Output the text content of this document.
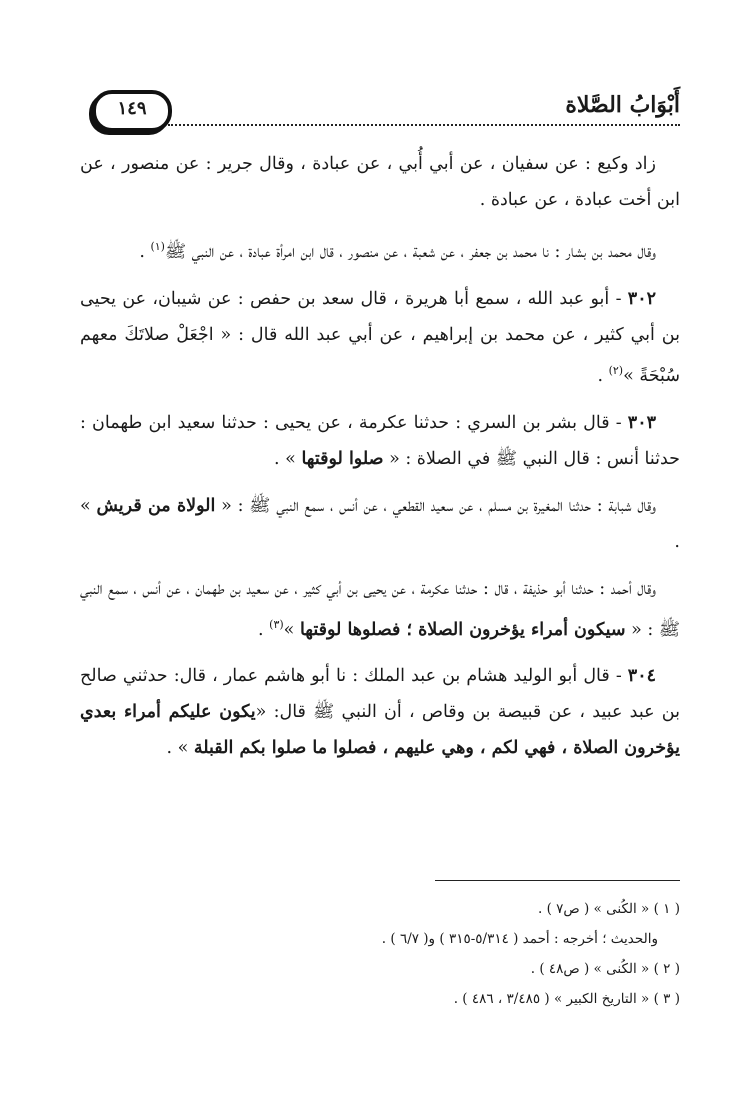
أَبْوَابُ الصَّلاة
١٤٩

زاد وكيع : عن سفيان ، عن أبي أُبي ، عن عبادة ، وقال جرير : عن منصور ، عن ابن أخت عبادة ، عن عبادة .

وقال محمد بن بشار : نا محمد بن جعفر ، عن شعبة ، عن منصور ، قال ابن امرأة عبادة ، عن النبي ﷺ$^{(١)}$ .

٣٠٢ - أبو عبد الله ، سمع أبا هريرة ، قال سعد بن حفص : عن شيبان، عن يحيى بن أبي كثير ، عن محمد بن إبراهيم ، عن أبي عبد الله قال : « اجْعَلْ صلاتَكَ معهم سُبْحَةً »$^{(٢)}$ .

٣٠٣ - قال بشر بن السري : حدثنا عكرمة ، عن يحيى : حدثنا سعيد ابن طهمان : حدثنا أنس : قال النبي ﷺ في الصلاة : « صلوا لوقتها » .

وقال شبابة : حدثنا المغيرة بن مسلم ، عن سعيد القطعي ، عن أنس ، سمع النبي ﷺ : « الولاة من قريش » .

وقال أحمد : حدثنا أبو حذيفة ، قال : حدثنا عكرمة ، عن يحيى بن أبي كثير ، عن سعيد بن طهمان ، عن أنس ، سمع النبي ﷺ : « سيكون أمراء يؤخرون الصلاة ؛ فصلوها لوقتها »$^{(٣)}$ .

٣٠٤ - قال أبو الوليد هشام بن عبد الملك : نا أبو هاشم عمار ، قال: حدثني صالح بن عبد عبيد ، عن قبيصة بن وقاص ، أن النبي ﷺ قال: «يكون عليكم أمراء بعدي يؤخرون الصلاة ، فهي لكم ، وهي عليهم ، فصلوا ما صلوا بكم القبلة » .

( ١ ) « الكُنى » ( ص٧ ) .

والحديث ؛ أخرجه : أحمد ( ٥/٣١٤-٣١٥ ) و( ٦/٧ ) .

( ٢ ) « الكُنى » ( ص٤٨ ) .

( ٣ ) « التاريخ الكبير » ( ٣/٤٨٥ ، ٤٨٦ ) .
